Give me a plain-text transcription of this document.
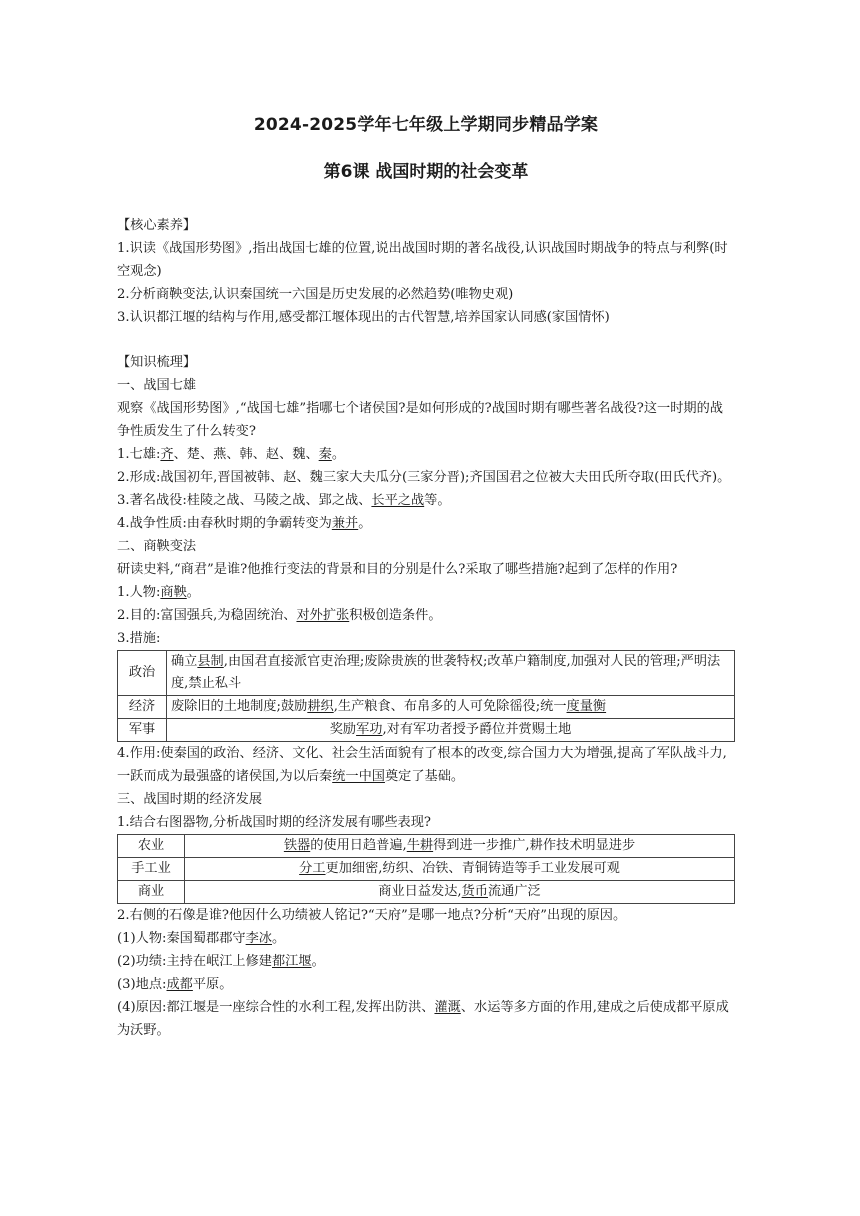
2024-2025学年七年级上学期同步精品学案
第6课 战国时期的社会变革

【核心素养】

1.识读《战国形势图》,指出战国七雄的位置,说出战国时期的著名战役,认识战国时期战争的特点与利弊(时空观念)

2.分析商鞅变法,认识秦国统一六国是历史发展的必然趋势(唯物史观)

3.认识都江堰的结构与作用,感受都江堰体现出的古代智慧,培养国家认同感(家国情怀)

【知识梳理】

一、战国七雄

观察《战国形势图》,“战国七雄”指哪七个诸侯国?是如何形成的?战国时期有哪些著名战役?这一时期的战争性质发生了什么转变?

1.七雄:齐、楚、燕、韩、赵、魏、秦。

2.形成:战国初年,晋国被韩、赵、魏三家大夫瓜分(三家分晋);齐国国君之位被大夫田氏所夺取(田氏代齐)。

3.著名战役:桂陵之战、马陵之战、郢之战、长平之战等。

4.战争性质:由春秋时期的争霸转变为兼并。

二、商鞅变法

研读史料,“商君”是谁?他推行变法的背景和目的分别是什么?采取了哪些措施?起到了怎样的作用?

1.人物:商鞅。

2.目的:富国强兵,为稳固统治、对外扩张积极创造条件。

3.措施:

政治	确立县制,由国君直接派官吏治理;废除贵族的世袭特权;改革户籍制度,加强对人民的管理;严明法度,禁止私斗
经济	废除旧的土地制度;鼓励耕织,生产粮食、布帛多的人可免除徭役;统一度量衡
军事	奖励军功,对有军功者授予爵位并赏赐土地

4.作用:使秦国的政治、经济、文化、社会生活面貌有了根本的改变,综合国力大为增强,提高了军队战斗力,一跃而成为最强盛的诸侯国,为以后秦统一中国奠定了基础。

三、战国时期的经济发展

1.结合右图器物,分析战国时期的经济发展有哪些表现?

农业	铁器的使用日趋普遍,牛耕得到进一步推广,耕作技术明显进步
手工业	分工更加细密,纺织、冶铁、青铜铸造等手工业发展可观
商业	商业日益发达,货币流通广泛

2.右侧的石像是谁?他因什么功绩被人铭记?“天府”是哪一地点?分析“天府”出现的原因。

(1)人物:秦国蜀郡郡守李冰。

(2)功绩:主持在岷江上修建都江堰。

(3)地点:成都平原。

(4)原因:都江堰是一座综合性的水利工程,发挥出防洪、灌溉、水运等多方面的作用,建成之后使成都平原成为沃野。
